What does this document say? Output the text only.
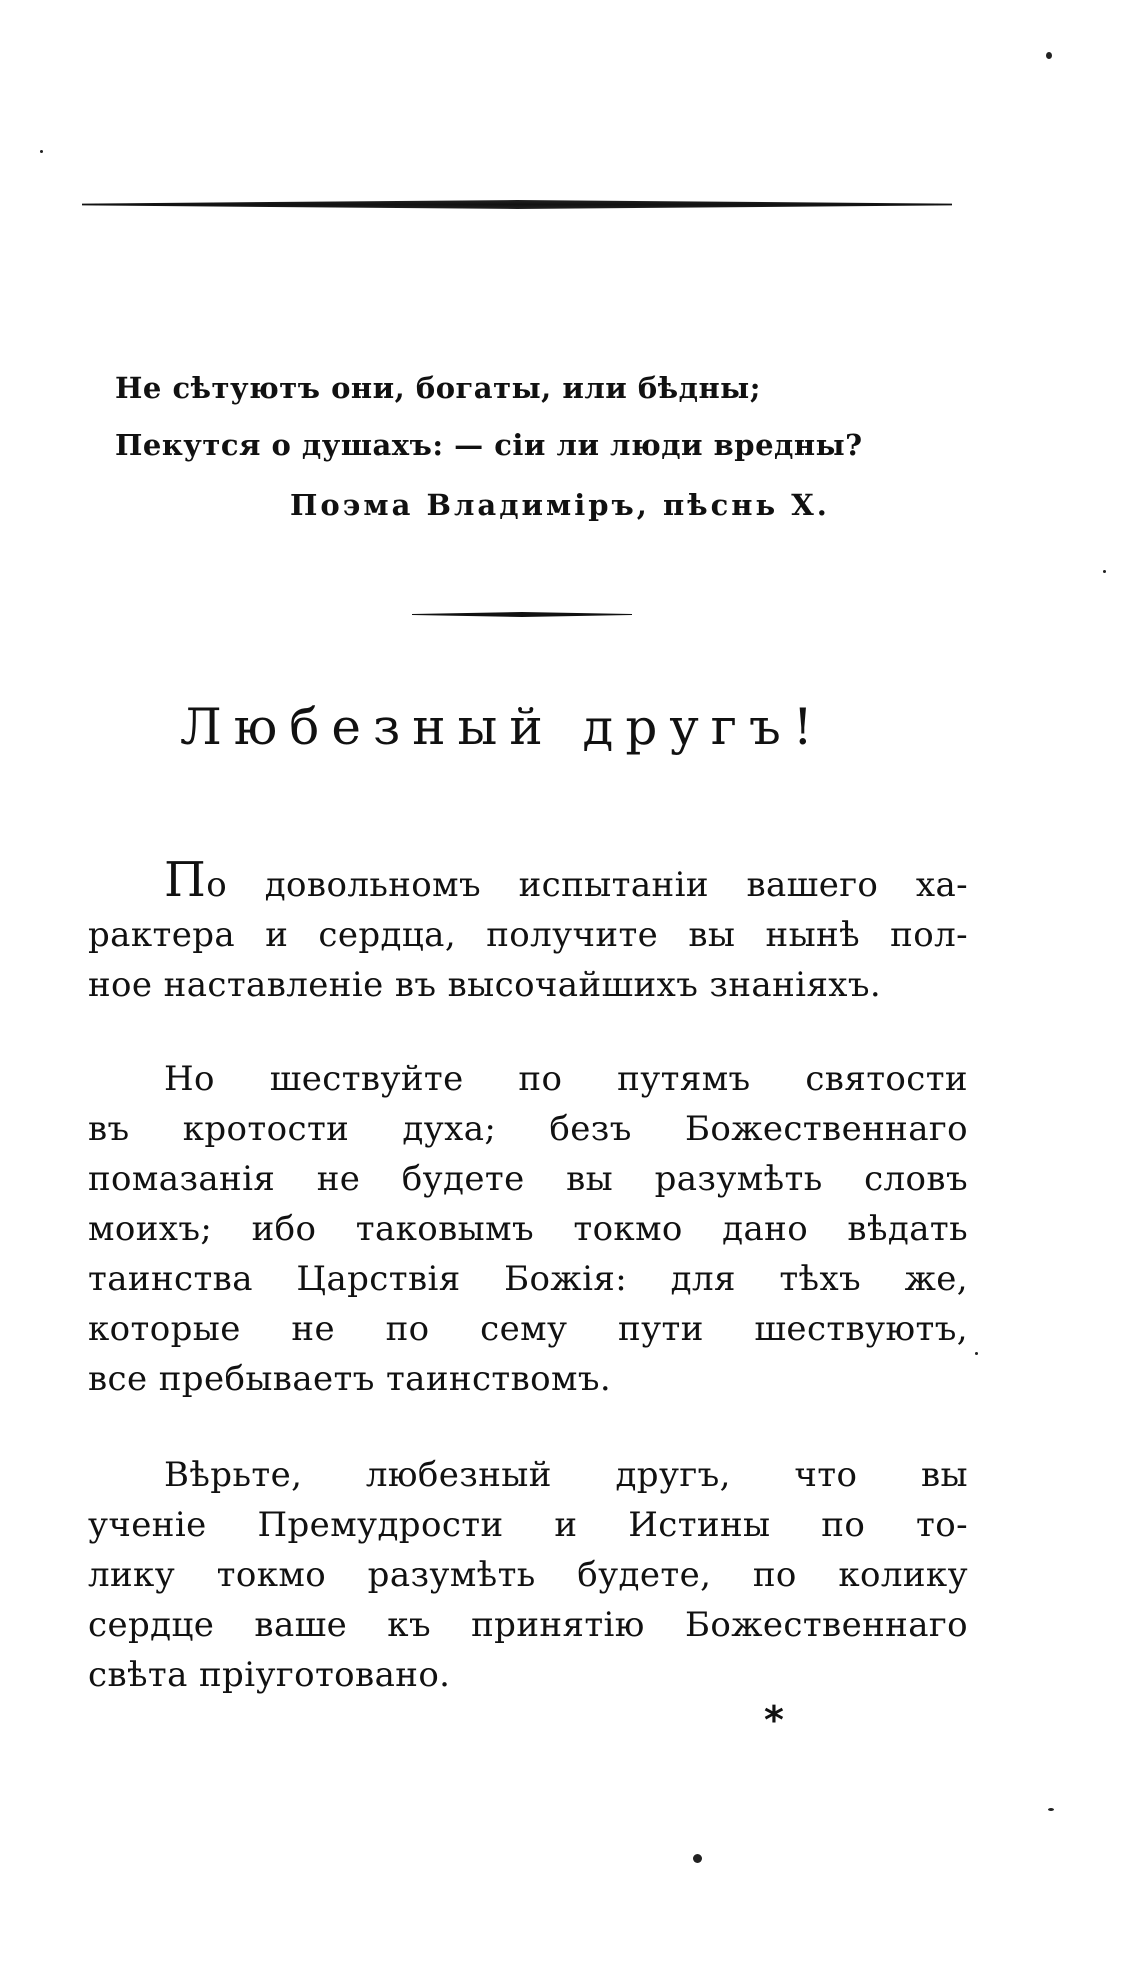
Не сѣтуютъ они, богаты, или бѣдны;
Пекутся о душахъ: — сіи ли люди вредны?
Поэма Владиміръ, пѣснь X.
Любезный другъ!
По довольномъ испытаніи вашего ха-
рактера и сердца, получите вы нынѣ пол-
ное наставленіе въ высочайшихъ знаніяхъ.
Но шествуйте по путямъ святости
въ кротости духа; безъ Божественнаго
помазанія не будете вы разумѣть словъ
моихъ; ибо таковымъ токмо дано вѣдать
таинства Царствія Божія: для тѣхъ же,
которые не по сему пути шествуютъ,
все пребываетъ таинствомъ.
Вѣрьте, любезный другъ, что вы
ученіе Премудрости и Истины по то-
лику токмо разумѣть будете, по колику
сердце ваше къ принятію Божественнаго
свѣта пріуготовано.
*
